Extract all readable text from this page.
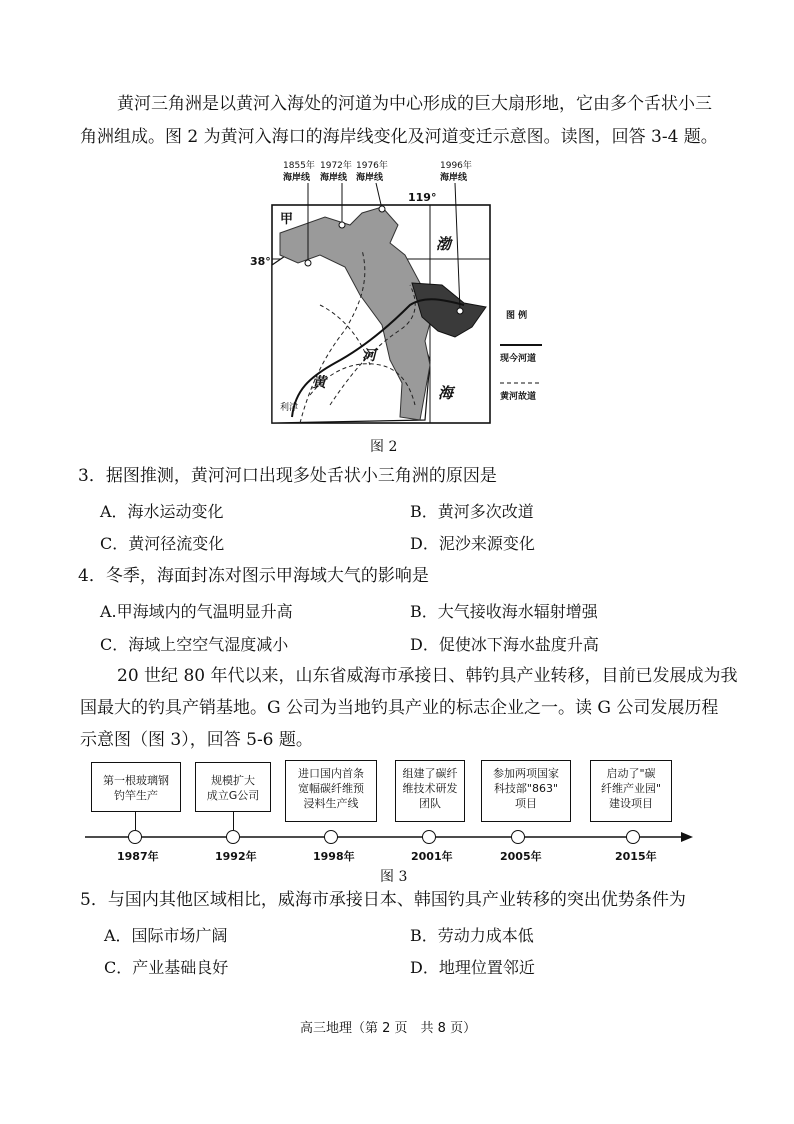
黄河三角洲是以黄河入海处的河道为中心形成的巨大扇形地，它由多个舌状小三
角洲组成。图 2 为黄河入海口的海岸线变化及河道变迁示意图。读图，回答 3-4 题。
1855年
海岸线
1972年
海岸线
1976年
海岸线
1996年
海岸线
119°
38°
甲
渤
海
河
黄
利津
图 例
现今河道
黄河故道
图 2
3．据图推测，黄河河口出现多处舌状小三角洲的原因是
A．海水运动变化	B．黄河多次改道
C．黄河径流变化	D．泥沙来源变化
4．冬季，海面封冻对图示甲海域大气的影响是
A.甲海域内的气温明显升高	B．大气接收海水辐射增强
C．海域上空空气湿度减小	D．促使冰下海水盐度升高
20 世纪 80 年代以来，山东省威海市承接日、韩钓具产业转移，目前已发展成为我
国最大的钓具产销基地。G 公司为当地钓具产业的标志企业之一。读 G 公司发展历程
示意图（图 3），回答 5-6 题。
第一根玻璃钢
钓竿生产
1987年
规模扩大
成立G公司
1992年
进口国内首条
宽幅碳纤维预
浸料生产线
1998年
组建了碳纤
维技术研发
团队
2001年
参加两项国家
科技部"863"
项目
2005年
启动了"碳
纤维产业园"
建设项目
2015年
图 3
5．与国内其他区域相比，威海市承接日本、韩国钓具产业转移的突出优势条件为
A．国际市场广阔	B．劳动力成本低
C．产业基础良好	D．地理位置邻近
高三地理（第 2 页　共 8 页）
